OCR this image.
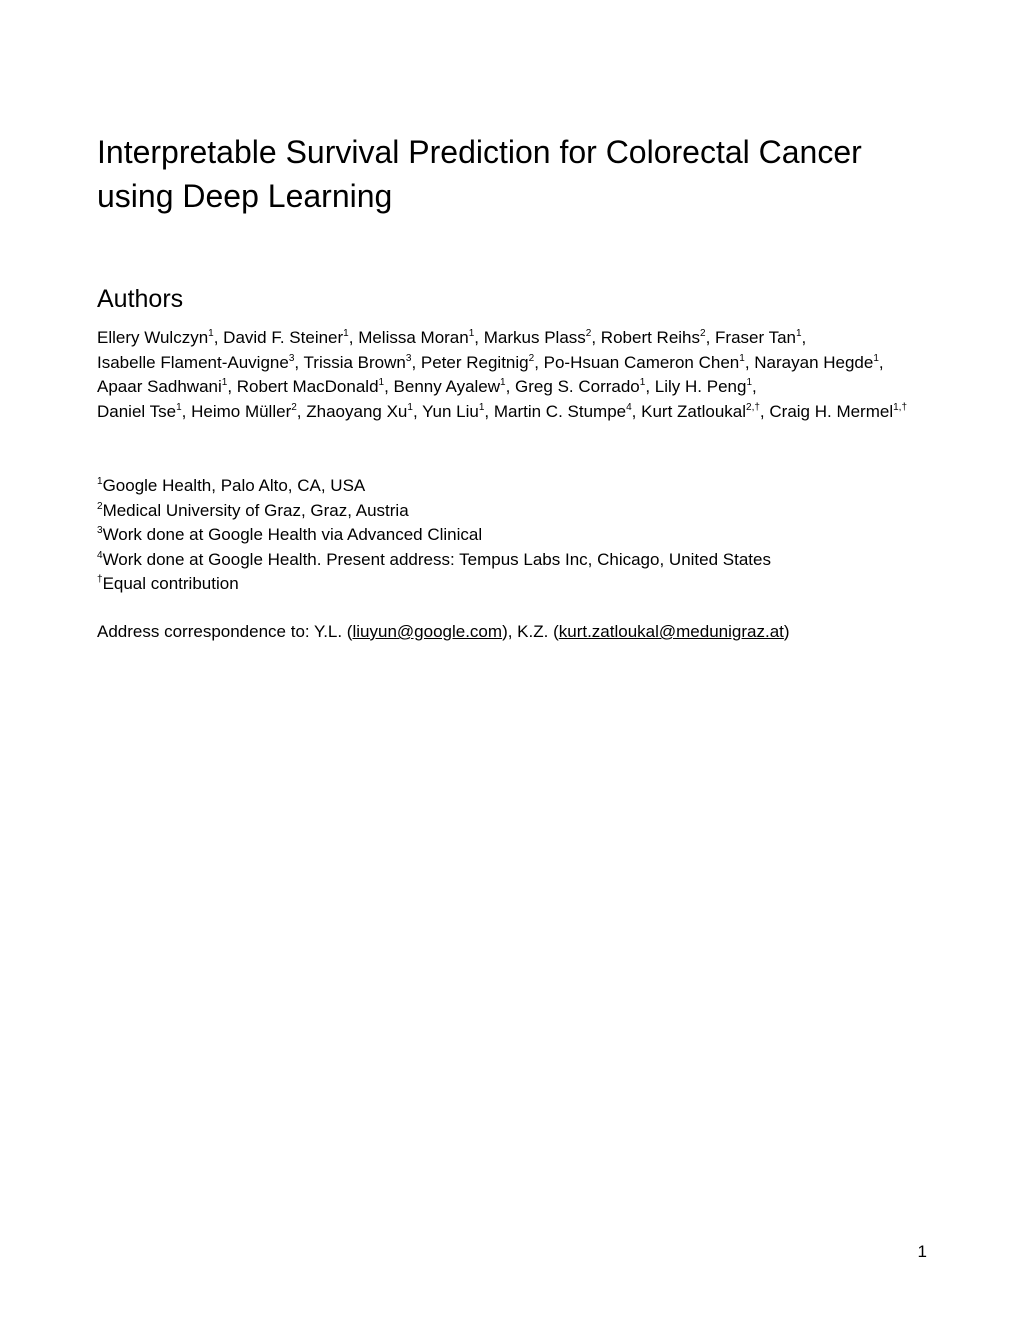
Interpretable Survival Prediction for Colorectal Cancer
using Deep Learning
Authors

Ellery Wulczyn$^1$, David F. Steiner$^1$, Melissa Moran$^1$, Markus Plass$^2$, Robert Reihs$^2$, Fraser Tan$^1$,
Isabelle Flament-Auvigne$^3$, Trissia Brown$^3$, Peter Regitnig$^2$, Po-Hsuan Cameron Chen$^1$, Narayan Hegde$^1$, Apaar Sadhwani$^1$, Robert MacDonald$^1$, Benny Ayalew$^1$, Greg S. Corrado$^1$, Lily H. Peng$^1$,
Daniel Tse$^1$, Heimo Müller$^2$, Zhaoyang Xu$^1$, Yun Liu$^1$, Martin C. Stumpe$^4$, Kurt Zatloukal$^{2,\dagger}$, Craig H. Mermel$^{1,\dagger}$

$^1$Google Health, Palo Alto, CA, USA
$^2$Medical University of Graz, Graz, Austria
$^3$Work done at Google Health via Advanced Clinical
$^4$Work done at Google Health. Present address: Tempus Labs Inc, Chicago, United States
†Equal contribution

Address correspondence to: Y.L. (liuyun@google.com), K.Z. (kurt.zatloukal@medunigraz.at)

1
